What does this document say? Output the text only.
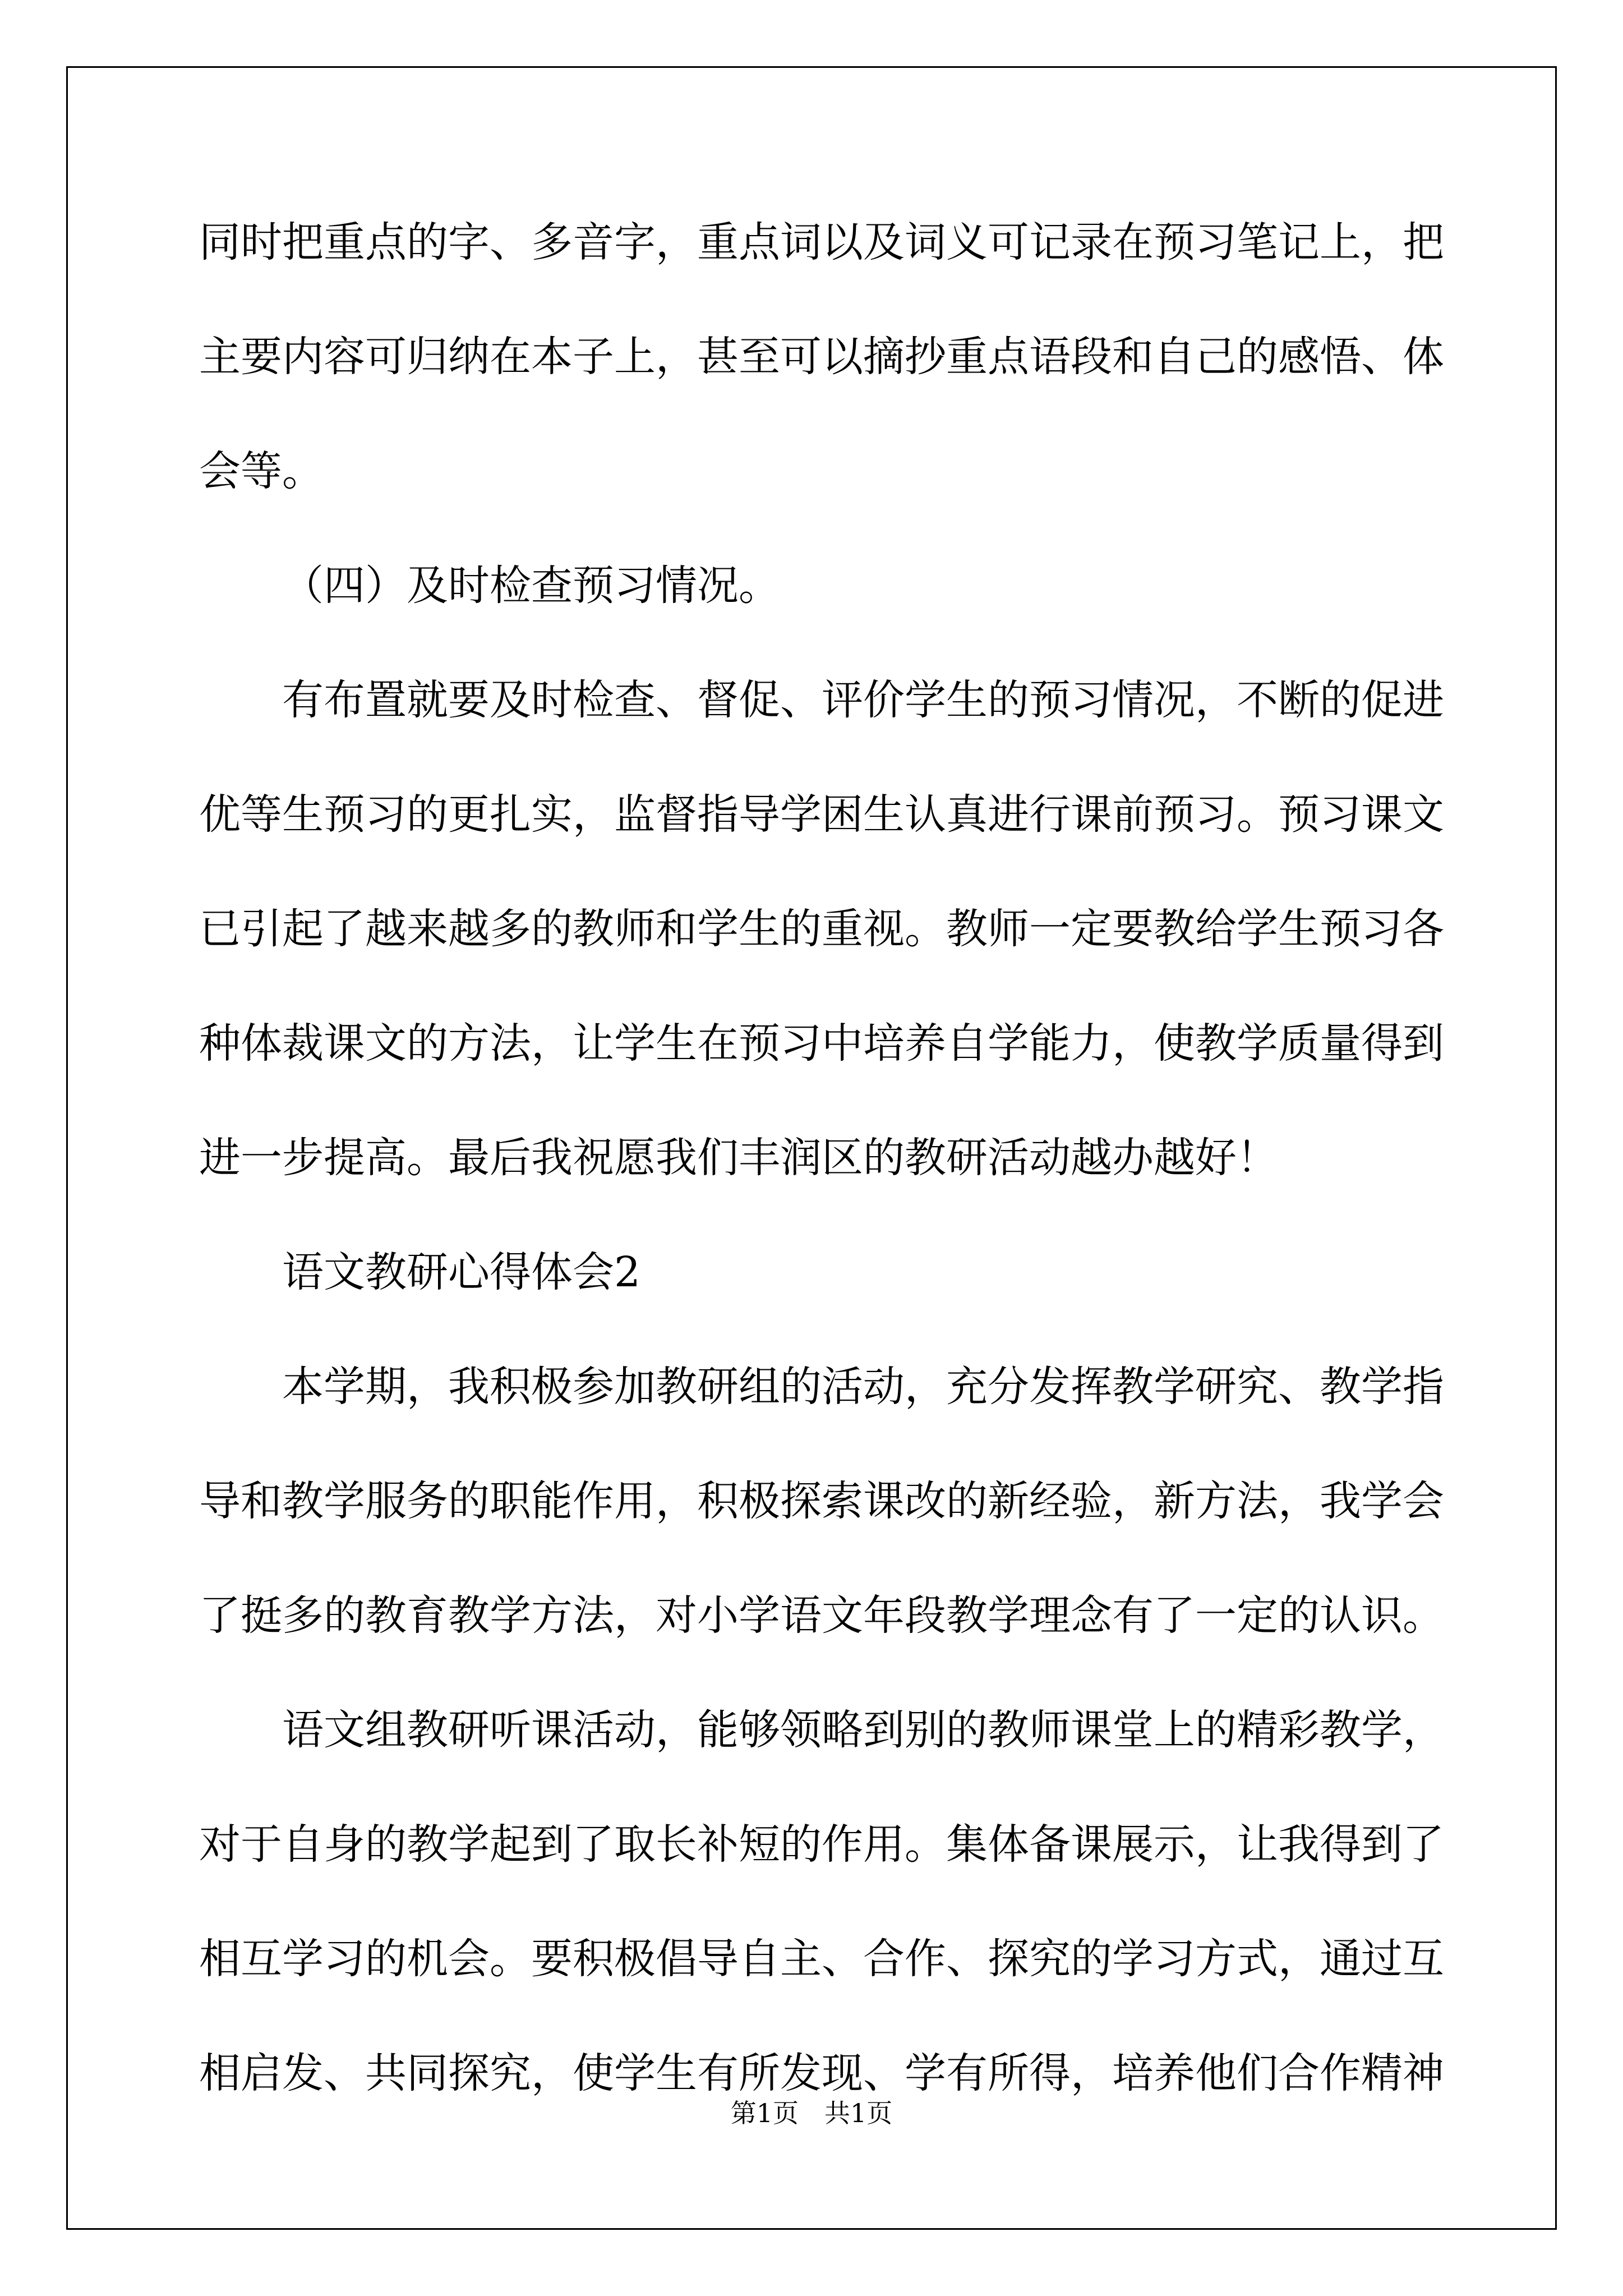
同时把重点的字、多音字，重点词以及词义可记录在预习笔记上，把
主要内容可归纳在本子上，甚至可以摘抄重点语段和自己的感悟、体
会等。
（四）及时检查预习情况。
有布置就要及时检查、督促、评价学生的预习情况，不断的促进
优等生预习的更扎实，监督指导学困生认真进行课前预习。预习课文
已引起了越来越多的教师和学生的重视。教师一定要教给学生预习各
种体裁课文的方法，让学生在预习中培养自学能力，使教学质量得到
进一步提高。最后我祝愿我们丰润区的教研活动越办越好！
语文教研心得体会2
本学期，我积极参加教研组的活动，充分发挥教学研究、教学指
导和教学服务的职能作用，积极探索课改的新经验，新方法，我学会
了挺多的教育教学方法，对小学语文年段教学理念有了一定的认识。
语文组教研听课活动，能够领略到别的教师课堂上的精彩教学，
对于自身的教学起到了取长补短的作用。集体备课展示，让我得到了
相互学习的机会。要积极倡导自主、合作、探究的学习方式，通过互
相启发、共同探究，使学生有所发现、学有所得，培养他们合作精神
第1页 共1页
